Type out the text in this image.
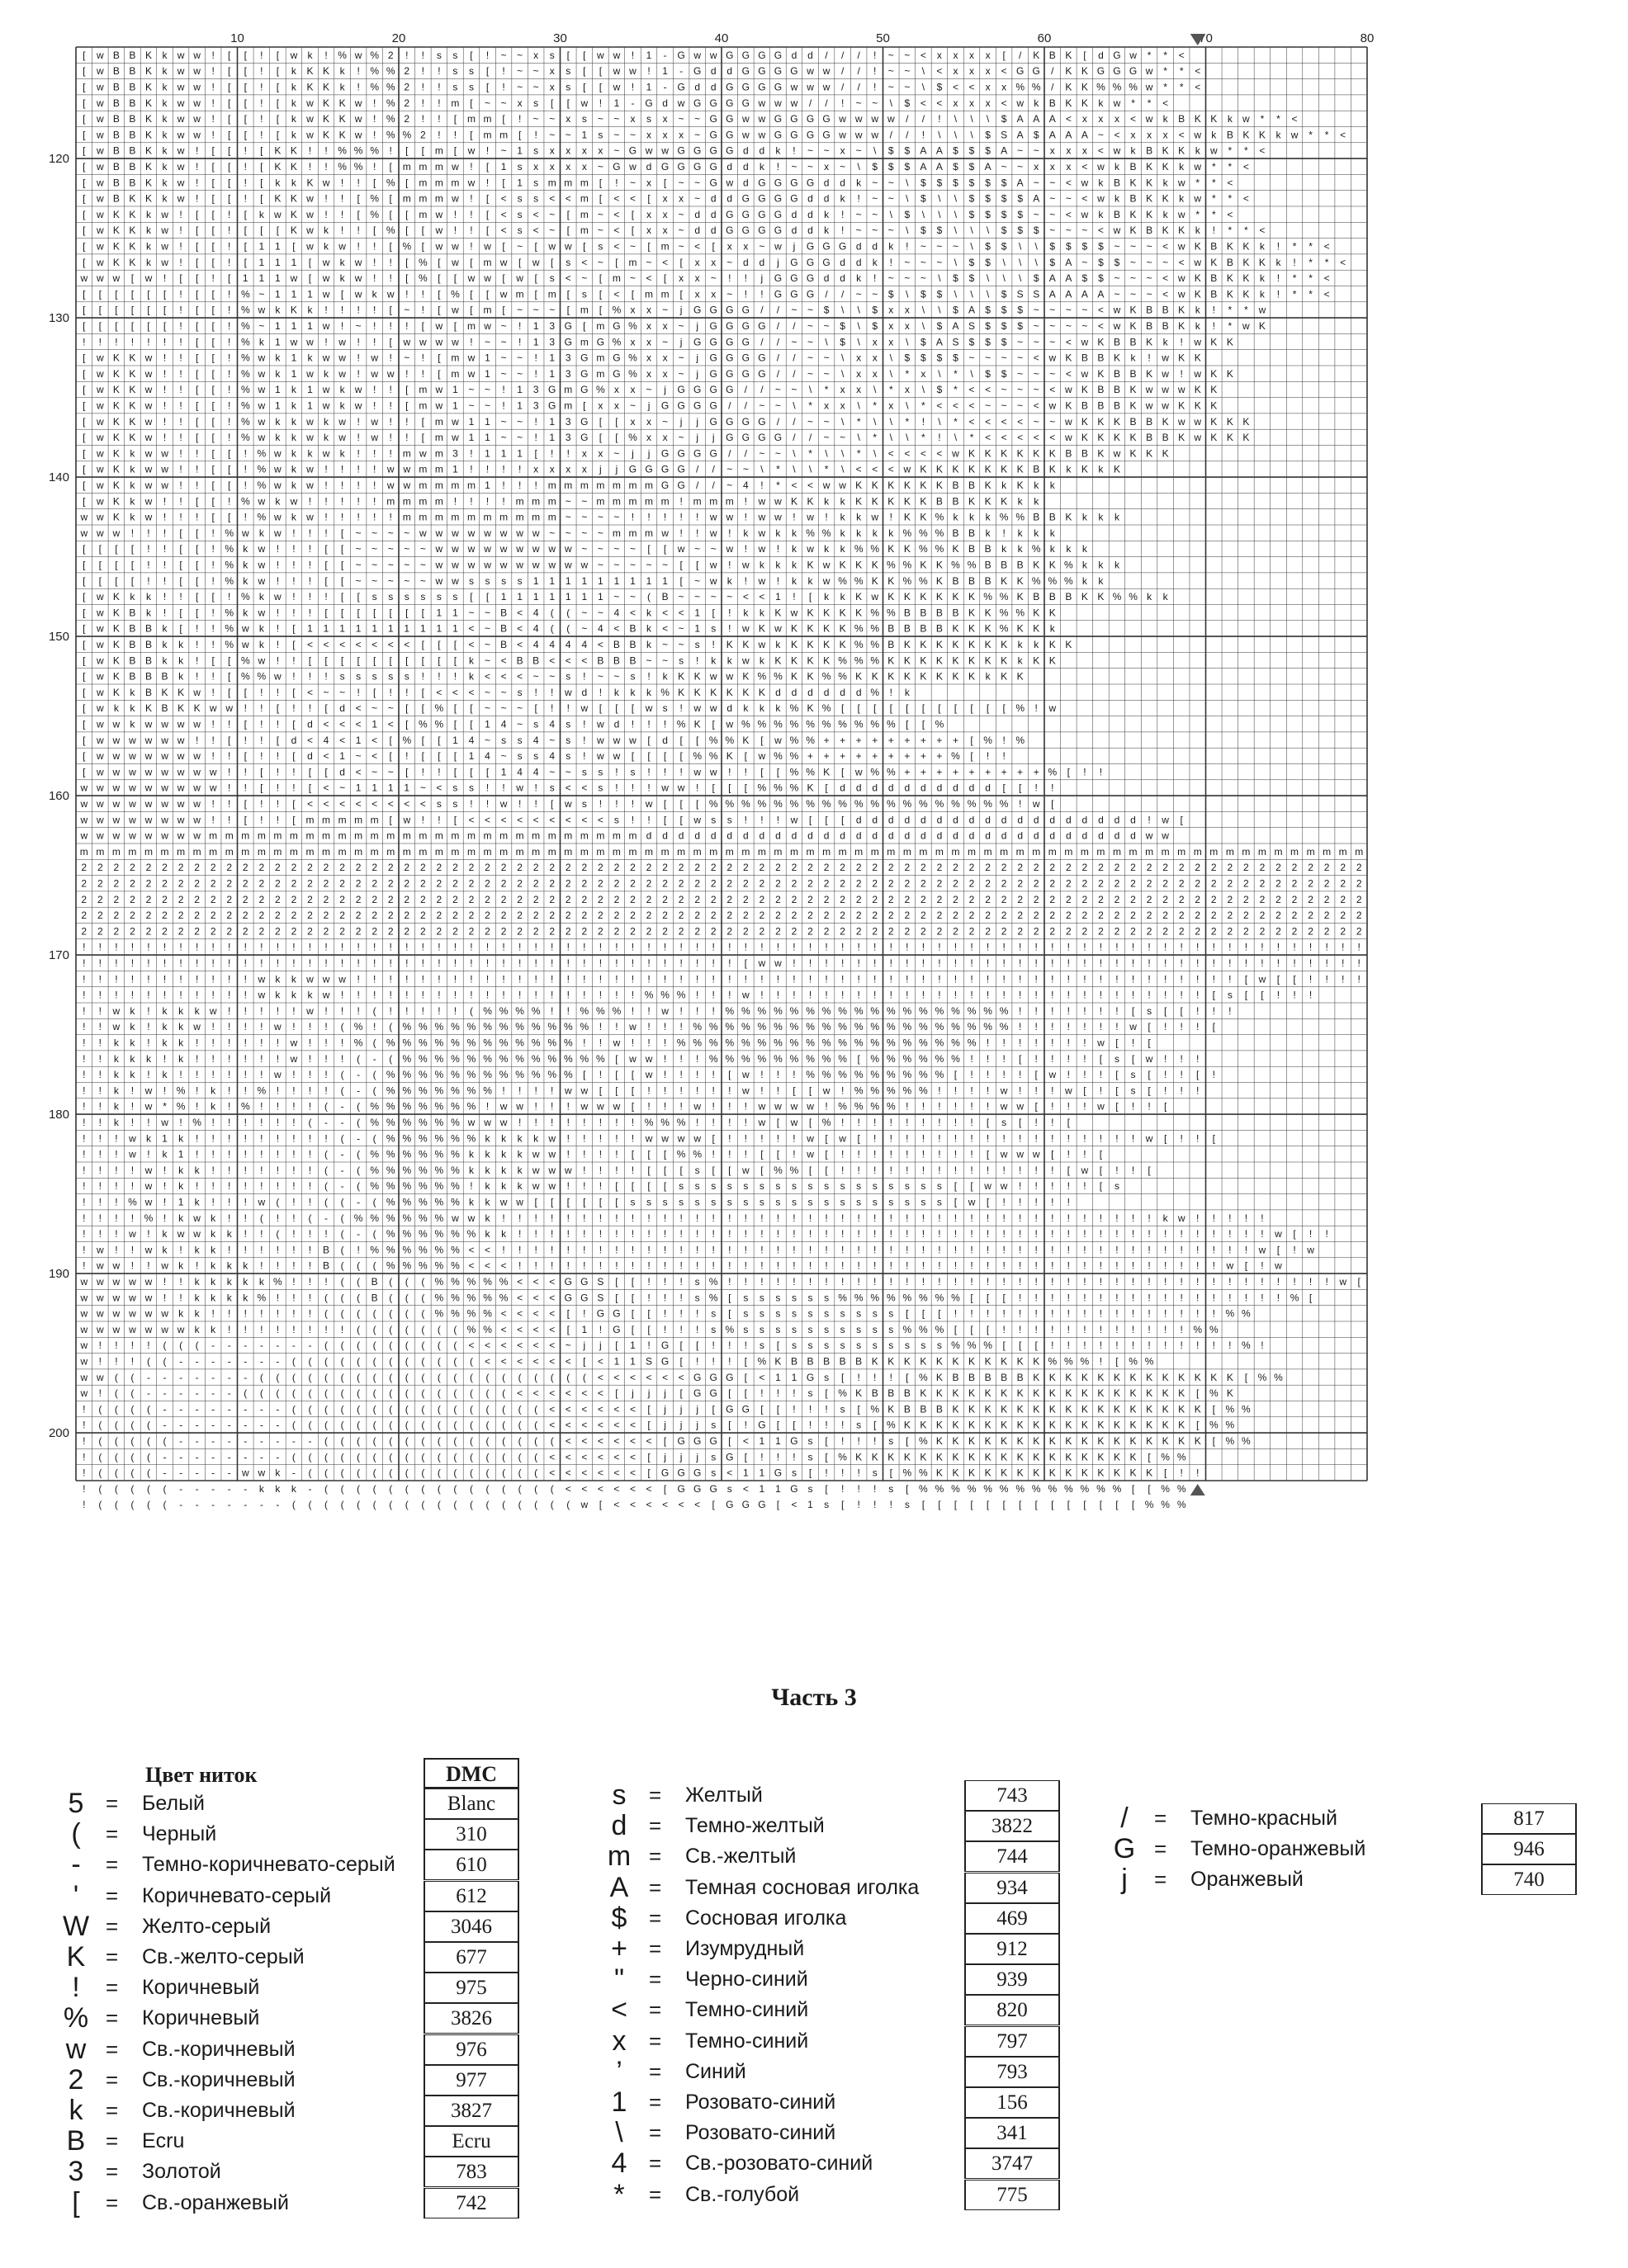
10	20	30	40	50	60	70	80
120
130
140
150
160
170
180
190
200
[ w B B K k w w ! [ [ ! [ w k ! % w % 2 ! ! s s [ ! ~ ~ x s [ [ w w ! 1 - G w w G G G G d d / / / ! ~ ~ < x x x x [ / K B K [ d G w * * <
[ w B B K k w w ! [ [ ! [ k K K k ! % % 2 ! ! s s [ ! ~ ~ x s [ [ w w ! 1 - G d d G G G G w w / / ! ~ ~ \ < x x x < G G / K K G G G w * * <
[ w B B K k w w ! [ [ ! [ k K K k ! % % 2 ! ! s s [ ! ~ ~ x s [ [ w ! 1 - G d d G G G G w w w / / ! ~ ~ \ $ < < x x % % / K K % % % w * * <
[ w B B K k w w ! [ [ ! [ k w K K w ! % 2 ! ! m [ ~ ~ x s [ [ w ! 1 - G d w G G G G w w w / / ! ~ ~ \ $ < < x x x < w k B K K k w * * <
[ w B B K k w w ! [ [ ! [ k w K K w ! % 2 ! ! [ m m [ ! ~ ~ x s ~ ~ x s x ~ ~ G G w w G G G G w w w w / / ! \ \ \ $ A A A < x x x < w k B K K k w * * <
[ w B B K k w w ! [ [ ! [ k w K K w ! % % 2 ! ! [ m m [ ! ~ ~ 1 s ~ ~ x x x ~ G G w w G G G G w w w / / ! \ \ \ $ S A $ A A A ~ < x x x < w k B K K k w * * <
[ w B B K k w ! [ [ ! [ K K ! ! % % % ! [ [ m [ w ! ~ 1 s x x x x ~ G w w G G G G d d k ! ~ ~ x ~ \ $ $ A A $ $ $ A ~ ~ x x x < w k B K K k w * * <
[ w B B K k w ! [ [ ! [ K K ! ! % % ! [ m m m w ! [ 1 s x x x x ~ G w d G G G G d d k ! ~ ~ x ~ \ $ $ $ A A $ $ A ~ ~ x x x < w k B K K k w * * <
[ w B B K k w ! [ [ ! [ k k K w ! ! [ % [ m m m w ! [ 1 s m m m [ ! ~ x [ ~ ~ G w d G G G G d d k ~ ~ \ $ $ $ $ $ $ A ~ ~ < w k B K K k w * * <
[ w B K K k w ! [ [ ! [ K K w ! ! [ % [ m m m w ! [ < s s < < m [ < < [ x x ~ d d G G G G d d k ! ~ ~ \ $ \ \ $ $ $ $ A ~ ~ < w k B K K k w * * <
[ w K K k w ! [ [ ! [ k w K w ! ! [ % [ [ m w ! ! [ < s < ~ [ m ~ < [ x x ~ d d G G G G d d k ! ~ ~ \ $ \ \ \ $ $ $ $ ~ ~ < w k B K K k w * * <
[ w K K k w ! [ [ ! [ [ [ K w k ! ! [ % [ [ w ! ! [ < s < ~ [ m ~ < [ x x ~ d d G G G G d d k ! ~ ~ ~ \ $ $ \ \ \ $ $ $ ~ ~ ~ < w K B K K k ! * * <
[ w K K k w ! [ [ ! [ 1 1 [ w k w ! ! [ % [ w w ! w [ ~ [ w w [ s < ~ [ m ~ < [ x x ~ w j G G G d d k ! ~ ~ ~ \ $ $ \ \ $ $ $ $ ~ ~ ~ < w K B K K k ! * * <
[ w K K k w ! [ [ ! [ 1 1 1 [ w k w ! ! [ % [ w [ m w [ w [ s < ~ [ m ~ < [ x x ~ d d j G G G d d k ! ~ ~ ~ \ $ $ \ \ \ $ A ~ $ $ ~ ~ ~ < w K B K K k ! * * <
w w w [ w ! [ [ ! [ 1 1 1 w [ w k w ! ! [ % [ [ w w [ w [ s < ~ [ m ~ < [ x x ~ ! ! j G G G d d k ! ~ ~ ~ \ $ $ \ \ \ $ A A $ $ ~ ~ ~ < w K B K K k ! * * <
[ [ [ [ [ [ ! [ [ ! % ~ 1 1 1 w [ w k w ! ! [ % [ [ w m [ m [ s [ < [ m m [ x x ~ ! ! G G G / / ~ ~ $ \ $ $ \ \ \ $ S S A A A A ~ ~ ~ < w K B K K k ! * * <
[ [ [ [ [ [ ! [ [ ! % w k K k ! ! ! ! [ ~ ! [ w [ m [ ~ ~ ~ [ m [ % x x ~ j G G G G / / ~ ~ $ \ \ $ x x \ \ $ A $ $ $ ~ ~ ~ ~ < w K B B K k ! * * w
[ [ [ [ [ [ ! [ [ ! % ~ 1 1 1 w ! ~ ! ! ! [ w [ m w ~ ! 1 3 G [ m G % x x ~ j G G G G / / ~ ~ $ \ $ x x \ $ A S $ $ $ ~ ~ ~ ~ < w K B B K k ! * w K
! ! ! ! ! ! ! [ [ ! % k 1 w w ! w ! ! [ w w w w ! ~ ~ ! 1 3 G m G % x x ~ j G G G G / / ~ ~ \ $ \ x x \ $ A S $ $ $ ~ ~ ~ < w K B B K k ! w K K
[ w K K w ! ! [ [ ! % w k 1 k w w ! w ! ~ ! [ m w 1 ~ ~ ! 1 3 G m G % x x ~ j G G G G / / ~ ~ \ x x \ $ $ $ $ ~ ~ ~ ~ < w K B B K k ! w K K
[ w K K w ! ! [ [ ! % w k 1 w k w ! w w ! ! [ m w 1 ~ ~ ! 1 3 G m G % x x ~ j G G G G / / ~ ~ \ x x \ * x \ * \ $ $ ~ ~ ~ < w K B B K w ! w K K
[ w K K w ! ! [ [ ! % w 1 k 1 w k w ! ! [ m w 1 ~ ~ ! 1 3 G m G % x x ~ j G G G G / / ~ ~ \ * x x \ * x \ $ * < < ~ ~ ~ < w K B B K w w w K K
[ w K K w ! ! [ [ ! % w 1 k 1 w k w ! ! [ m w 1 ~ ~ ! 1 3 G m [ x x ~ j G G G G / / ~ ~ \ * x x \ * x \ * < < < ~ ~ ~ < w K B B B K w w K K K
[ w K K w ! ! [ [ ! % w k k w k w ! w ! ! [ m w 1 1 ~ ~ ! 1 3 G [ [ x x ~ j j G G G G / / ~ ~ \ * \ \ * ! \ * < < < < ~ ~ w K K K B B K w w K K K
[ w K K w ! ! [ [ ! % w k k w k w ! w ! ! [ m w 1 1 ~ ~ ! 1 3 G [ [ % x x ~ j j G G G G / / ~ ~ \ * \ \ * ! \ * < < < < < w K K K K B B K w K K K
[ w K k w w ! ! [ [ ! % w k k w k ! ! ! m w m 3 ! 1 1 1 [ ! ! x x ~ j j G G G G / / ~ ~ \ * \ \ * \ < < < < w K K K K K K B B K w K K K
[ w K k w w ! ! [ [ ! % w k w ! ! ! ! w w m m 1 ! ! ! ! x x x x j j G G G G / / ~ ~ \ * \ \ * \ < < < w K K K K K K K B K k K k K
[ w K k w w ! ! [ [ ! % w k w ! ! ! ! w w m m m m 1 ! ! ! m m m m m m m G G / / ~ 4 ! * < < w w K K K K K K B B K k K k k
[ w K k w ! ! [ [ ! % w k w ! ! ! ! ! m m m m ! ! ! ! m m m ~ ~ m m m m m ! m m m ! w w K K k k K K K K K B B K K K k k
w w K k w ! ! ! [ [ ! % w k w ! ! ! ! ! m m m m m m m m m m ~ ~ ~ ~ ! ! ! ! ! w w ! w w ! w ! k k w ! K K % k k k % % B B K k k k
w w w ! ! ! [ [ ! % w k w ! ! ! [ ~ ~ ~ ~ w w w w w w w w ~ ~ ~ ~ m m m w ! ! w ! k w k k % % k k k k % % % B B k ! k k k
[ [ [ [ ! ! [ [ ! % k w ! ! ! [ [ ~ ~ ~ ~ ~ w w w w w w w w w ~ ~ ~ ~ [ [ w ~ ~ w ! w ! k w k k % % K K % % K B B k k % k k k
[ [ [ [ ! ! [ [ ! % k w ! ! ! [ [ ~ ~ ~ ~ ~ w w w w w w w w w w ~ ~ ~ ~ ~ [ [ w ! w k k k K w K K K % % K K % % B B B K K % k k k
[ [ [ [ ! ! [ [ ! % k w ! ! ! [ [ ~ ~ ~ ~ ~ w w s s s s 1 1 1 1 1 1 1 1 1 [ ~ w k ! w ! k k w % % K K % % K B B B K K % % % k k
[ w K k k ! ! [ [ ! % k w ! ! ! [ [ s s s s s s [ [ 1 1 1 1 1 1 1 ~ ~ ( B ~ ~ ~ ~ < < 1 ! [ k k K w K K K K K K % % K B B B K K % % k k
[ w K B k ! [ [ ! % k w ! ! ! [ [ [ [ [ [ [ 1 1 ~ ~ B < 4 ( ( ~ ~ 4 < k < < 1 [ ! k k K w K K K K % % B B B B K K % % K K
[ w K B B k [ ! ! % w k ! [ 1 1 1 1 1 1 1 1 1 1 < ~ B < 4 ( ( ~ 4 < B k < ~ 1 s ! w K w K K K K % % B B B B K K K % K K k
[ w K B B k k ! ! % w k ! [ < < < < < < < [ [ [ < ~ B < 4 4 4 4 < B B k ~ ~ s ! K K w k K K K K % % B K K K K K K K k k K K
[ w K B B k k ! [ [ % w ! ! [ [ [ [ [ [ [ [ [ [ k ~ < B B < < < B B B ~ ~ s ! k k w k K K K K % % % K K K K K K K K k K K
[ w K B B B k ! ! [ % % w ! ! ! s s s s s ! ! ! k < < < ~ ~ s ! ~ ~ s ! k K K w w K % % K K % % K K K K K K K K k K K
[ w K k B K K w ! [ [ ! ! [ < ~ ~ ! [ ! ! [ < < < ~ ~ s ! ! w d ! k k k % K K K K K K d d d d d d % ! k
[ w k k K B K K w w ! ! [ ! ! [ d < ~ ~ [ [ % [ [ ~ ~ ~ [ ! ! w [ [ [ w s ! w w d k k k % K % [ [ [ [ [ [ [ [ [ [ [ % ! w
[ w w k w w w w ! ! [ ! ! [ d < < < 1 < [ % % [ [ 1 4 ~ s 4 s ! w d ! ! ! % K [ w % % % % % % % % % % [ [ %
[ w w w w w w ! ! [ ! ! [ d < 4 < 1 < [ % [ [ 1 4 ~ s s 4 ~ s ! w w w [ d [ [ % % K [ w % % + + + + + + + + + [ % ! %
[ w w w w w w w ! ! [ ! ! [ d < 1 ~ < [ ! [ [ [ 1 4 ~ s s 4 s ! w w [ [ [ [ % % K [ w % % + + + + + + + + + % [ ! !
[ w w w w w w w w ! ! [ ! ! [ [ d < ~ ~ [ ! ! [ [ [ 1 4 4 ~ ~ s s ! s ! ! ! w w ! ! [ [ % % K [ w % % + + + + + + + + + % [ ! !
w w w w w w w w w ! ! [ ! ! [ < ~ 1 1 1 1 ~ < s s ! ! w ! s < < s ! ! ! w w ! [ [ [ % % % K [ d d d d d d d d d d [ [ ! !
w w w w w w w w ! ! [ ! ! [ < < < < < < < < s s ! ! w ! ! [ w s ! ! ! w [ [ [ % % % % % % % % % % % % % % % % % % % ! w [
w w w w w w w w ! ! [ ! ! [ m m m m m [ w ! ! [ < < < < < < < < < s ! ! [ [ w s s ! ! ! w [ [ [ d d d d d d d d d d d d d d d d d d ! w [
w w w w w w w w m m m m m m m m m m m m m m m m m m m m m m m m m m m d d d d d d d d d d d d d d d d d d d d d d d d d d d d d d d w w
m m m m m m m m m m m m m m m m m m m m m m m m m m m m m m m m m m m m m m m m m m m m m m m m m m m m m m m m m m m m m m m m m m m m m m m m m m m m m m m m
2 2 2 2 2 2 2 2 2 2 2 2 2 2 2 2 2 2 2 2 2 2 2 2 2 2 2 2 2 2 2 2 2 2 2 2 2 2 2 2 2 2 2 2 2 2 2 2 2 2 2 2 2 2 2 2 2 2 2 2 2 2 2 2 2 2 2 2 2 2 2 2 2 2 2 2 2 2 2 2
2 2 2 2 2 2 2 2 2 2 2 2 2 2 2 2 2 2 2 2 2 2 2 2 2 2 2 2 2 2 2 2 2 2 2 2 2 2 2 2 2 2 2 2 2 2 2 2 2 2 2 2 2 2 2 2 2 2 2 2 2 2 2 2 2 2 2 2 2 2 2 2 2 2 2 2 2 2 2 2
2 2 2 2 2 2 2 2 2 2 2 2 2 2 2 2 2 2 2 2 2 2 2 2 2 2 2 2 2 2 2 2 2 2 2 2 2 2 2 2 2 2 2 2 2 2 2 2 2 2 2 2 2 2 2 2 2 2 2 2 2 2 2 2 2 2 2 2 2 2 2 2 2 2 2 2 2 2 2 2
2 2 2 2 2 2 2 2 2 2 2 2 2 2 2 2 2 2 2 2 2 2 2 2 2 2 2 2 2 2 2 2 2 2 2 2 2 2 2 2 2 2 2 2 2 2 2 2 2 2 2 2 2 2 2 2 2 2 2 2 2 2 2 2 2 2 2 2 2 2 2 2 2 2 2 2 2 2 2 2
2 2 2 2 2 2 2 2 2 2 2 2 2 2 2 2 2 2 2 2 2 2 2 2 2 2 2 2 2 2 2 2 2 2 2 2 2 2 2 2 2 2 2 2 2 2 2 2 2 2 2 2 2 2 2 2 2 2 2 2 2 2 2 2 2 2 2 2 2 2 2 2 2 2 2 2 2 2 2 2
! ! ! ! ! ! ! ! ! ! ! ! ! ! ! ! ! ! ! ! ! ! ! ! ! ! ! ! ! ! ! ! ! ! ! ! ! ! ! ! ! ! ! ! ! ! ! ! ! ! ! ! ! ! ! ! ! ! ! ! ! ! ! ! ! ! ! ! ! ! ! ! ! ! ! ! ! ! ! !
! ! ! ! ! ! ! ! ! ! ! ! ! ! ! ! ! ! ! ! ! ! ! ! ! ! ! ! ! ! ! ! ! ! ! ! ! ! ! ! ! [ w w ! ! ! ! ! ! ! ! ! ! ! ! ! ! ! ! ! ! ! ! ! ! ! ! ! ! ! ! ! ! ! ! ! ! ! !
! ! ! ! ! ! ! ! ! ! ! w k k w w w ! ! ! ! ! ! ! ! ! ! ! ! ! ! ! ! ! ! ! ! ! ! ! ! ! ! ! ! ! ! ! ! ! ! ! ! ! ! ! ! ! ! ! ! ! ! ! ! ! ! ! ! ! ! ! [ w [ [ ! ! ! !
! ! ! ! ! ! ! ! ! ! ! w k k k w ! ! ! ! ! ! ! ! ! ! ! ! ! ! ! ! ! ! ! % % % ! ! ! w ! ! ! ! ! ! ! ! ! ! ! ! ! ! ! ! ! ! ! ! ! ! ! ! ! ! ! ! [ s [ [ ! ! !
! ! w k ! k k k w ! ! ! ! ! w ! ! ! ( ! ! ! ! ! ( % % % % ! ! % % % ! ! w ! ! ! % % % % % % % % % % % % % % % % % % ! ! ! ! ! ! ! [ s [ [ ! ! !
! ! w k ! k k w ! ! ! ! w ! ! ! ( % ! ( % % % % % % % % % % % % ! ! w ! ! ! % % % % % % % % % % % % % % % % % % % % ! ! ! ! ! ! ! w [ ! ! ! [
! ! k k ! k k ! ! ! ! ! ! w ! ! ! % ( % % % % % % % % % % % % ! ! w ! ! ! % % % % % % % % % % % % % % % % % % % ! ! ! ! ! ! ! w [ ! [
! ! k k k ! k ! ! ! ! ! ! w ! ! ! ( - ( % % % % % % % % % % % % % [ w w ! ! ! % % % % % % % % % [ % % % % % % ! ! ! [ ! ! ! ! [ s [ w ! ! !
! ! k k ! k ! ! ! ! ! ! w ! ! ! ( - ( % % % % % % % % % % % % [ ! [ [ w ! ! ! ! [ w ! ! ! % % % % % % % % % [ ! ! ! ! [ w ! ! ! [ s [ ! ! [ !
! ! k ! w ! % ! k ! ! % ! ! ! ! ( - ( % % % % % % % ! ! ! ! w w [ [ [ ! ! ! ! ! ! w ! ! [ [ w ! % % % % % ! ! ! ! w ! ! ! w [ ! [ s [ ! ! !
! ! k ! w * % ! k ! % ! ! ! ! ( - ( % % % % % % % ! w w ! ! ! w w w [ ! ! ! w ! ! ! w w w w ! % % % % ! ! ! ! ! ! w w [ ! ! ! w [ ! ! [
! ! k ! ! w ! % ! ! ! ! ! ! ( - - ( % % % % % % w w w ! ! ! ! ! ! ! ! % % % ! ! ! ! w [ w [ % ! ! ! ! ! ! ! ! ! [ s [ ! ! [
! ! ! w k 1 k ! ! ! ! ! ! ! ! ! ( - ( % % % % % % k k k k w ! ! ! ! ! w w w w [ ! ! ! ! ! w [ w [ ! ! ! ! ! ! ! ! ! ! ! ! ! ! ! ! ! w [ ! ! [
! ! ! w ! k 1 ! ! ! ! ! ! ! ! ( - ( % % % % % % k k k k w w ! ! ! ! [ [ [ % % ! ! ! [ [ ! w [ ! ! ! ! ! ! ! ! ! [ w w w [ ! ! [
! ! ! ! w ! k k ! ! ! ! ! ! ! ( - ( % % % % % % k k k k w w w ! ! ! ! [ [ [ s [ [ w [ % % [ [ ! ! ! ! ! ! ! ! ! ! ! ! ! ! [ w [ ! ! [
! ! ! ! w ! k ! ! ! ! ! ! ! ! ( - ( % % % % % % ! k k k w w ! ! ! [ [ [ [ s s s s s s s s s s s s s s s s s [ [ w w ! ! ! ! ! [ s
! ! ! % w ! 1 k ! ! ! w ( ! ! ( ( - ( % % % % % k k w w [ [ [ [ [ [ s s s s s s s s s s s s s s s s s s s s [ w [ ! ! ! ! !
! ! ! ! % ! k w k ! ! ( ! ! ( - ( % % % % % % w w k ! ! ! ! ! ! ! ! ! ! ! ! ! ! ! ! ! ! ! ! ! ! ! ! ! ! ! ! ! ! ! ! ! ! ! ! ! ! ! ! ! k w ! ! ! ! !
! ! ! w ! k w w k k ! ! ( ! ! ! ( - ( % % % % % % k k ! ! ! ! ! ! ! ! ! ! ! ! ! ! ! ! ! ! ! ! ! ! ! ! ! ! ! ! ! ! ! ! ! ! ! ! ! ! ! ! ! ! ! ! ! ! ! w [ ! !
! w ! ! w k ! k k ! ! ! ! ! ! B ( ! % % % % % % < < ! ! ! ! ! ! ! ! ! ! ! ! ! ! ! ! ! ! ! ! ! ! ! ! ! ! ! ! ! ! ! ! ! ! ! ! ! ! ! ! ! ! ! ! ! ! ! w [ ! w
! w w ! ! w k ! k k k ! ! ! ! B ( ( ( % % % % % < < < ! ! ! ! ! ! ! ! ! ! ! ! ! ! ! ! ! ! ! ! ! ! ! ! ! ! ! ! ! ! ! ! ! ! ! ! ! ! ! ! ! ! ! ! w [ ! w
w w w w w ! ! k k k k k % ! ! ! ( ( B ( ( ( % % % % % < < < G G S [ [ ! ! ! s % ! ! ! ! ! ! ! ! ! ! ! ! ! ! ! ! ! ! ! ! ! ! ! ! ! ! ! ! ! ! ! ! ! ! ! ! ! ! w [
w w w w w ! ! k k k k % ! ! ! ( ( ( B ( ( ( % % % % % < < < G G S [ [ ! ! ! s % [ s s s s s s % % % % % % % % [ [ [ ! ! ! ! ! ! ! ! ! ! ! ! ! ! ! ! ! % [
w w w w w w k k ! ! ! ! ! ! ! ( ( ( ( ( ( ( % % % % < < < < [ ! G G [ [ ! ! ! s [ s s s s s s s s s s [ [ [ ! ! ! ! ! ! ! ! ! ! ! ! ! ! ! ! ! % %
w w w w w w w k k ! ! ! ! ! ! ! ! ( ( ( ( ( ( ( % % < < < < [ 1 ! G [ [ ! ! ! s % s s s s s s s s s s % % % [ [ [ ! ! ! ! ! ! ! ! ! ! ! ! % %
w ! ! ! ! ( ( ( - - - - - - - ( ( ( ( ( ( ( ( ( < < < < < < ~ j j [ 1 ! G [ [ ! ! ! s [ s s s s s s s s s s % % % [ [ [ ! ! ! ! ! ! ! ! ! ! ! ! % !
w ! ! ! ( ( - - - - - - - ( ( ( ( ( ( ( ( ( ( ( ( < < < < < < [ < 1 1 S G [ ! ! ! [ % K B B B B B K K K K K K K K K K K % % % ! [ % %
w w ( ( - - - - - - - ( ( ( ( ( ( ( ( ( ( ( ( ( ( ( ( ( ( ( ( ( < < < < < < G G G [ < 1 1 G s [ ! ! ! [ % K B B B B B K K K K K K K K K K K K K [ % %
w ! ( ( - - - - - - ( ( ( ( ( ( ( ( ( ( ( ( ( ( ( ( ( < < < < < < [ j j j [ G G [ [ ! ! ! s [ % K B B B K K K K K K K K K K K K K K K K K [ % K
! ( ( ( ( - - - - - - - - ( ( ( ( ( ( ( ( ( ( ( ( ( ( ( ( < < < < < < [ j j j [ G G [ [ ! ! ! s [ % K B B B K K K K K K K K K K K K K K K K [ % %
! ( ( ( ( - - - - - - - - ( ( ( ( ( ( ( ( ( ( ( ( ( ( ( ( < < < < < < [ j j j s [ ! G [ [ ! ! ! s [ % K K K K K K K K K K K K K K K K K K [ % %
! ( ( ( ( ( - - - - - - - - - ( ( ( ( ( ( ( ( ( ( ( ( ( ( ( < < < < < < [ G G G [ < 1 1 G s [ ! ! ! s [ % K K K K K K K K K K K K K K K K K [ % %
! ( ( ( ( - - - - - - - - ( ( ( ( ( ( ( ( ( ( ( ( ( ( ( ( < < < < < < [ j j j s G [ ! ! ! s [ % K K K K K K K K K K K K K K K K K K [ % %
! ( ( ( ( - - - - - w w k - ( ( ( ( ( ( ( ( ( ( ( ( ( ( ( < < < < < < [ G G G s < 1 1 G s [ ! ! ! s [ % % K K K K K K K K K K K K K K [ ! !
! ( ( ( ( ( - - - - - k k k - ( ( ( ( ( ( ( ( ( ( ( ( ( ( ( < < < < < < [ G G G s < 1 1 G s [ ! ! ! s [ % % % % % % % % % % % % % [ [ % %
! ( ( ( ( ( - - - - - - - ( ( ( ( ( ( ( ( ( ( ( ( ( ( ( ( ( ( w [ < < < < < < [ G G G [ < 1 s [ ! ! ! s [ [ [ [ [ [ [ [ [ [ [ [ [ [ % % %
Часть 3
Цвет ниток	DMC
5	= Белый	Blanc
(	= Черный	310
-	= Темно-коричневато-серый	610
'	= Коричневато-серый	612
W = Желто-серый	3046
K = Св.-желто-серый	677
!	= Коричневый	975
% = Коричневый	3826
w = Св.-коричневый	976
2	= Св.-коричневый	977
k	= Св.-коричневый	3827
B = Ecru	Ecru
3	= Золотой	783
[	= Св.-оранжевый	742
s	= Желтый	743
d	= Темно-желтый	3822
m = Св.-желтый	744
A = Темная сосновая иголка	934
$	= Сосновая иголка	469
+	= Изумрудный	912
"	= Черно-синий	939
<	= Темно-синий	820
x	= Темно-синий	797
’	= Синий	793
1	= Розовато-синий	156
\	= Розовато-синий	341
4	= Св.-розовато-синий	3747
*	= Св.-голубой	775
/	= Темно-красный	817
G = Темно-оранжевый	946
j	= Оранжевый	740
